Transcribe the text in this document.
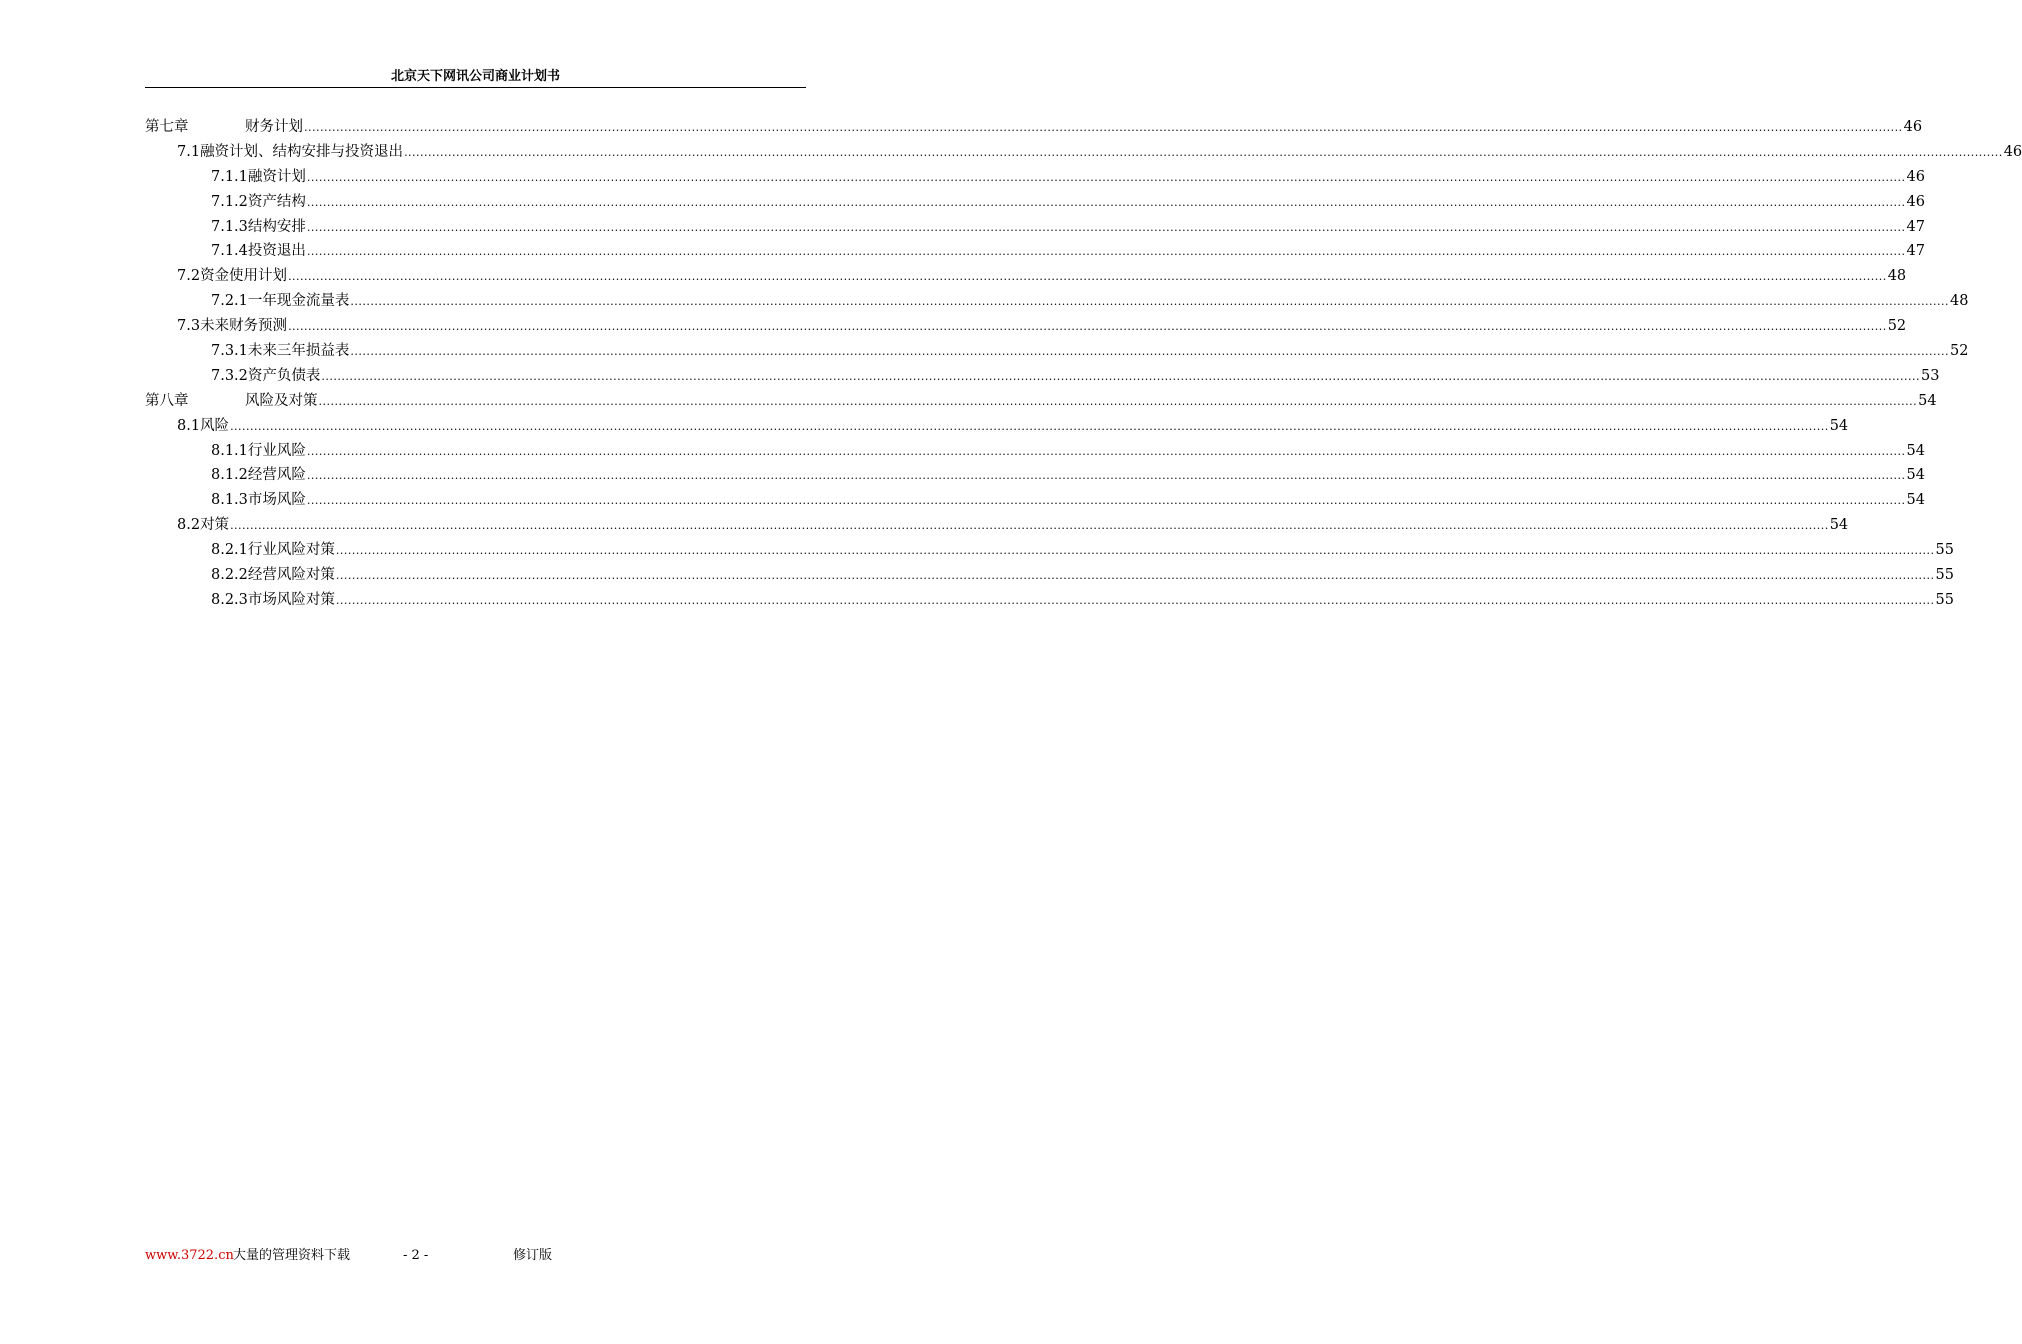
北京天下网讯公司商业计划书
第七章	财务计划 ................................................................................................................................................................................................................................................................................................................................................................................................................ 46
7.1 融资计划、结构安排与投资退出 ................................................................................................................................................................................................................................................................................................................................................................................................................ 46
7.1.1 融资计划 ................................................................................................................................................................................................................................................................................................................................................................................................................ 46
7.1.2 资产结构 ................................................................................................................................................................................................................................................................................................................................................................................................................ 46
7.1.3 结构安排 ................................................................................................................................................................................................................................................................................................................................................................................................................ 47
7.1.4 投资退出 ................................................................................................................................................................................................................................................................................................................................................................................................................ 47
7.2 资金使用计划 ................................................................................................................................................................................................................................................................................................................................................................................................................ 48
7.2.1 一年现金流量表 ................................................................................................................................................................................................................................................................................................................................................................................................................ 48
7.3 未来财务预测 ................................................................................................................................................................................................................................................................................................................................................................................................................ 52
7.3.1 未来三年损益表 ................................................................................................................................................................................................................................................................................................................................................................................................................ 52
7.3.2 资产负债表 ................................................................................................................................................................................................................................................................................................................................................................................................................ 53
第八章	风险及对策 ................................................................................................................................................................................................................................................................................................................................................................................................................ 54
8.1 风险 ................................................................................................................................................................................................................................................................................................................................................................................................................ 54
8.1.1 行业风险 ................................................................................................................................................................................................................................................................................................................................................................................................................ 54
8.1.2 经营风险 ................................................................................................................................................................................................................................................................................................................................................................................................................ 54
8.1.3 市场风险 ................................................................................................................................................................................................................................................................................................................................................................................................................ 54
8.2 对策 ................................................................................................................................................................................................................................................................................................................................................................................................................ 54
8.2.1 行业风险对策 ................................................................................................................................................................................................................................................................................................................................................................................................................ 55
8.2.2 经营风险对策 ................................................................................................................................................................................................................................................................................................................................................................................................................ 55
8.2.3 市场风险对策 ................................................................................................................................................................................................................................................................................................................................................................................................................ 55
www.3722.cn 大量的管理资料下载	- 2 -	修订版
